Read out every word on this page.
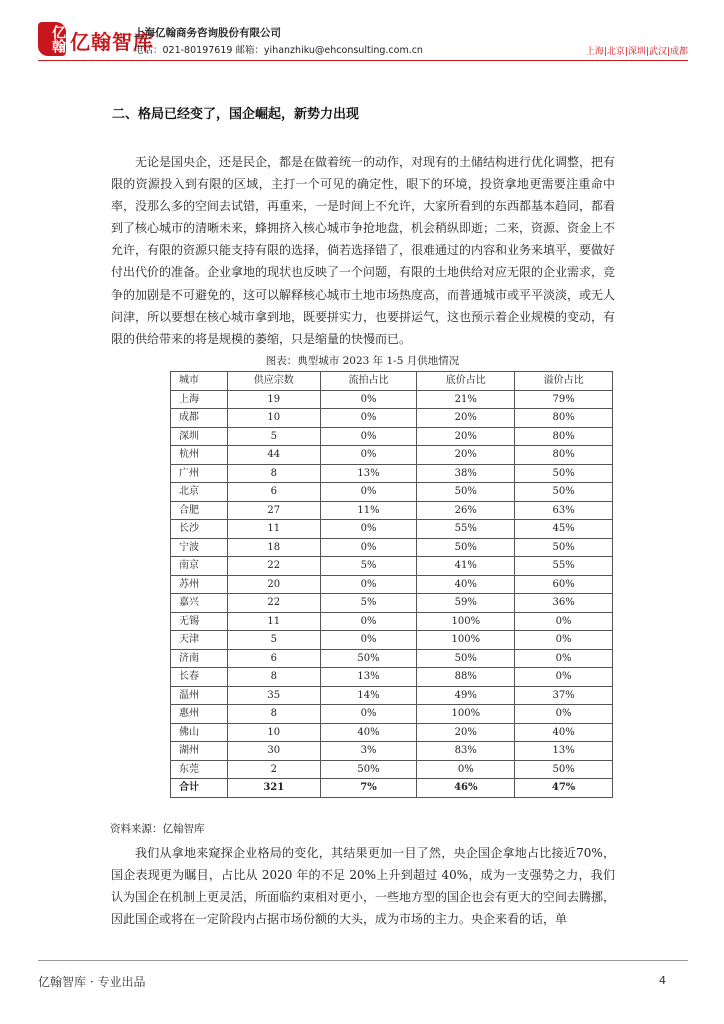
亿翰 亿翰智库
上海亿翰商务咨询股份有限公司
电话：021-80197619 邮箱：yihanzhiku@ehconsulting.com.cn	上海|北京|深圳|武汉|成都
二、格局已经变了，国企崛起，新势力出现
无论是国央企，还是民企，都是在做着统一的动作，对现有的土储结构进行优化调整，把有限的资源投入到有限的区域，主打一个可见的确定性，眼下的环境，投资拿地更需要注重命中率，没那么多的空间去试错，再重来，一是时间上不允许，大家所看到的东西都基本趋同，都看到了核心城市的清晰未来，蜂拥挤入核心城市争抢地盘，机会稍纵即逝；二来，资源、资金上不允许，有限的资源只能支持有限的选择，倘若选择错了，很难通过的内容和业务来填平，要做好付出代价的准备。企业拿地的现状也反映了一个问题，有限的土地供给对应无限的企业需求，竞争的加剧是不可避免的，这可以解释核心城市土地市场热度高，而普通城市或平平淡淡，或无人问津，所以要想在核心城市拿到地，既要拼实力，也要拼运气，这也预示着企业规模的变动，有限的供给带来的将是规模的萎缩，只是缩量的快慢而已。
图表：典型城市 2023 年 1-5 月供地情况
城市	供应宗数	流拍占比	底价占比	溢价占比
上海	19	0%	21%	79%
成都	10	0%	20%	80%
深圳	5	0%	20%	80%
杭州	44	0%	20%	80%
广州	8	13%	38%	50%
北京	6	0%	50%	50%
合肥	27	11%	26%	63%
长沙	11	0%	55%	45%
宁波	18	0%	50%	50%
南京	22	5%	41%	55%
苏州	20	0%	40%	60%
嘉兴	22	5%	59%	36%
无锡	11	0%	100%	0%
天津	5	0%	100%	0%
济南	6	50%	50%	0%
长春	8	13%	88%	0%
温州	35	14%	49%	37%
惠州	8	0%	100%	0%
佛山	10	40%	20%	40%
湖州	30	3%	83%	13%
东莞	2	50%	0%	50%
合计	321	7%	46%	47%
资料来源：亿翰智库
我们从拿地来窥探企业格局的变化，其结果更加一目了然，央企国企拿地占比接近70%，国企表现更为瞩目，占比从 2020 年的不足 20%上升到超过 40%，成为一支强势之力，我们认为国企在机制上更灵活，所面临约束相对更小，一些地方型的国企也会有更大的空间去腾挪，因此国企或将在一定阶段内占据市场份额的大头，成为市场的主力。央企来看的话，单
亿翰智库 · 专业出品	4
